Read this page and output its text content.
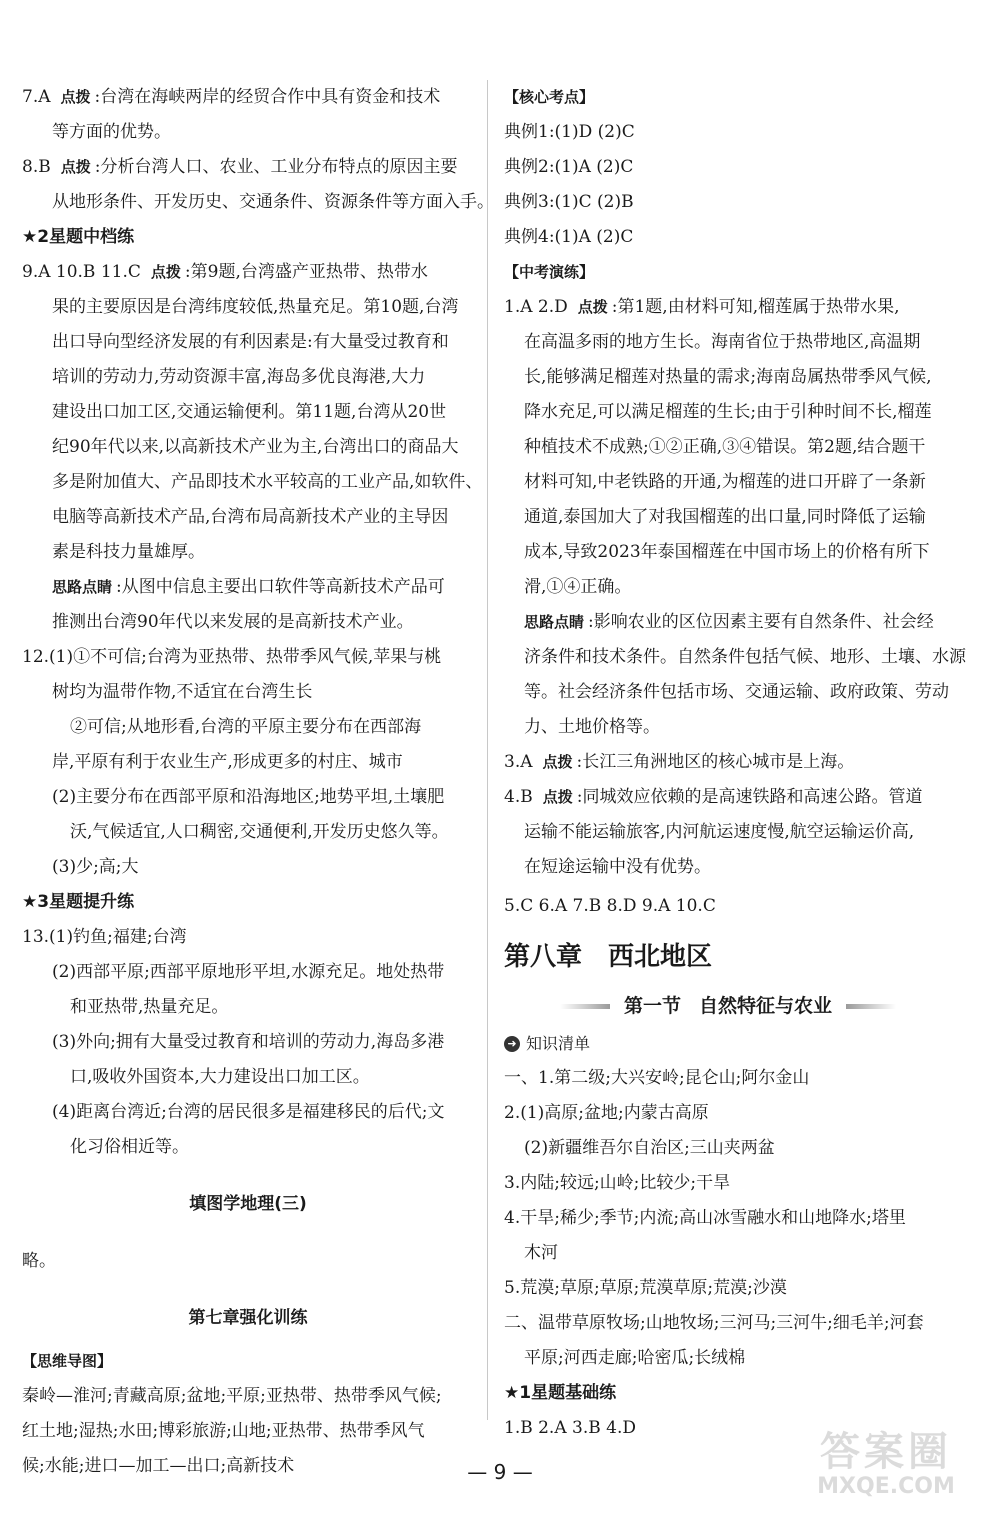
7.A 点拨 :台湾在海峡两岸的经贸合作中具有资金和技术
等方面的优势。
8.B 点拨 :分析台湾人口、农业、工业分布特点的原因主要
从地形条件、开发历史、交通条件、资源条件等方面入手。
★2星题中档练
9.A 10.B 11.C 点拨 :第9题,台湾盛产亚热带、热带水
果的主要原因是台湾纬度较低,热量充足。第10题,台湾
出口导向型经济发展的有利因素是:有大量受过教育和
培训的劳动力,劳动资源丰富,海岛多优良海港,大力
建设出口加工区,交通运输便利。第11题,台湾从20世
纪90年代以来,以高新技术产业为主,台湾出口的商品大
多是附加值大、产品即技术水平较高的工业产品,如软件、
电脑等高新技术产品,台湾布局高新技术产业的主导因
素是科技力量雄厚。
思路点睛 :从图中信息主要出口软件等高新技术产品可
推测出台湾90年代以来发展的是高新技术产业。
12.(1)①不可信;台湾为亚热带、热带季风气候,苹果与桃
树均为温带作物,不适宜在台湾生长
②可信;从地形看,台湾的平原主要分布在西部海
岸,平原有利于农业生产,形成更多的村庄、城市
(2)主要分布在西部平原和沿海地区;地势平坦,土壤肥
沃,气候适宜,人口稠密,交通便利,开发历史悠久等。
(3)少;高;大
★3星题提升练
13.(1)钓鱼;福建;台湾
(2)西部平原;西部平原地形平坦,水源充足。地处热带
和亚热带,热量充足。
(3)外向;拥有大量受过教育和培训的劳动力,海岛多港
口,吸收外国资本,大力建设出口加工区。
(4)距离台湾近;台湾的居民很多是福建移民的后代;文
化习俗相近等。
填图学地理(三)
略。
第七章强化训练
【思维导图】
秦岭—淮河;青藏高原;盆地;平原;亚热带、热带季风气候;
红土地;湿热;水田;博彩旅游;山地;亚热带、热带季风气
候;水能;进口—加工—出口;高新技术
【核心考点】
典例1:(1)D (2)C
典例2:(1)A (2)C
典例3:(1)C (2)B
典例4:(1)A (2)C
【中考演练】
1.A 2.D 点拨 :第1题,由材料可知,榴莲属于热带水果,
在高温多雨的地方生长。海南省位于热带地区,高温期
长,能够满足榴莲对热量的需求;海南岛属热带季风气候,
降水充足,可以满足榴莲的生长;由于引种时间不长,榴莲
种植技术不成熟;①②正确,③④错误。第2题,结合题干
材料可知,中老铁路的开通,为榴莲的进口开辟了一条新
通道,泰国加大了对我国榴莲的出口量,同时降低了运输
成本,导致2023年泰国榴莲在中国市场上的价格有所下
滑,①④正确。
思路点睛 :影响农业的区位因素主要有自然条件、社会经
济条件和技术条件。自然条件包括气候、地形、土壤、水源
等。社会经济条件包括市场、交通运输、政府政策、劳动
力、土地价格等。
3.A 点拨 :长江三角洲地区的核心城市是上海。
4.B 点拨 :同城效应依赖的是高速铁路和高速公路。管道
运输不能运输旅客,内河航运速度慢,航空运输运价高,
在短途运输中没有优势。
5.C 6.A 7.B 8.D 9.A 10.C
第八章 西北地区
第一节 自然特征与农业
➜ 知识清单
一、1.第二级;大兴安岭;昆仑山;阿尔金山
2.(1)高原;盆地;内蒙古高原
(2)新疆维吾尔自治区;三山夹两盆
3.内陆;较远;山岭;比较少;干旱
4.干旱;稀少;季节;内流;高山冰雪融水和山地降水;塔里
木河
5.荒漠;草原;草原;荒漠草原;荒漠;沙漠
二、温带草原牧场;山地牧场;三河马;三河牛;细毛羊;河套
平原;河西走廊;哈密瓜;长绒棉
★1星题基础练
1.B 2.A 3.B 4.D
— 9 —	答案圈
MXQE.COM
